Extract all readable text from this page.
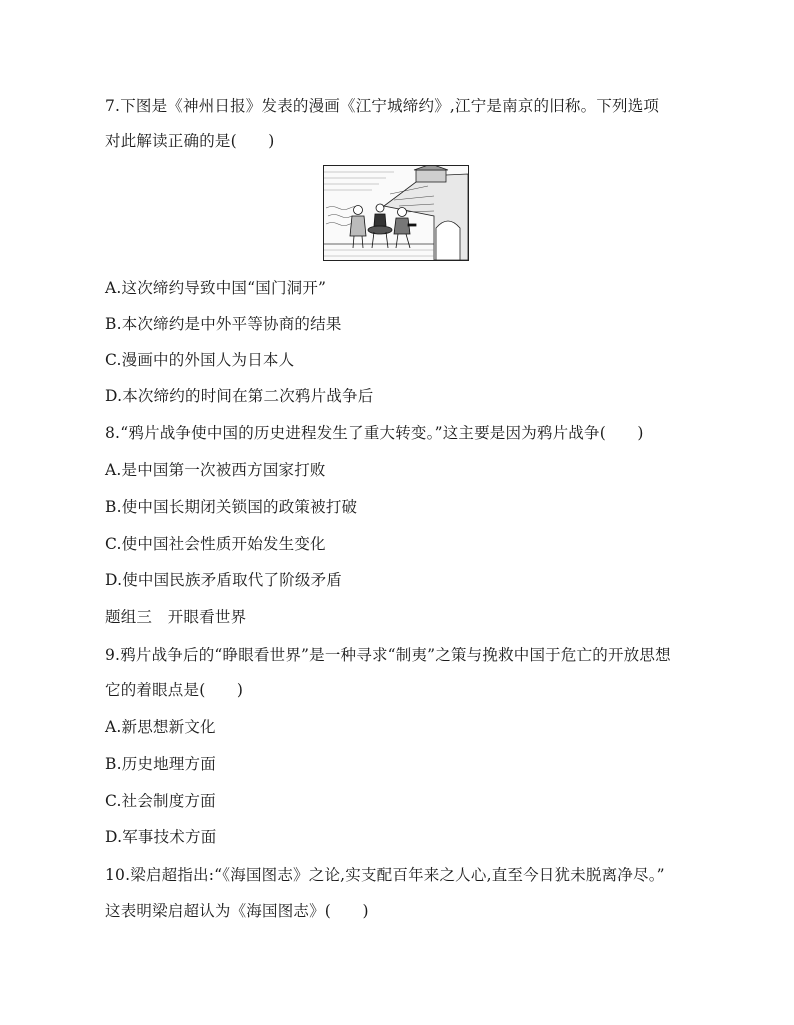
7.下图是《神州日报》发表的漫画《江宁城缔约》,江宁是南京的旧称。下列选项
对此解读正确的是(　　)
A.这次缔约导致中国“国门洞开”
B.本次缔约是中外平等协商的结果
C.漫画中的外国人为日本人
D.本次缔约的时间在第二次鸦片战争后
8.“鸦片战争使中国的历史进程发生了重大转变。”这主要是因为鸦片战争(　　)
A.是中国第一次被西方国家打败
B.使中国长期闭关锁国的政策被打破
C.使中国社会性质开始发生变化
D.使中国民族矛盾取代了阶级矛盾
题组三　开眼看世界
9.鸦片战争后的“睁眼看世界”是一种寻求“制夷”之策与挽救中国于危亡的开放思想
它的着眼点是(　　)
A.新思想新文化
B.历史地理方面
C.社会制度方面
D.军事技术方面
10.梁启超指出:“《海国图志》之论,实支配百年来之人心,直至今日犹未脱离净尽。”
这表明梁启超认为《海国图志》(　　)
